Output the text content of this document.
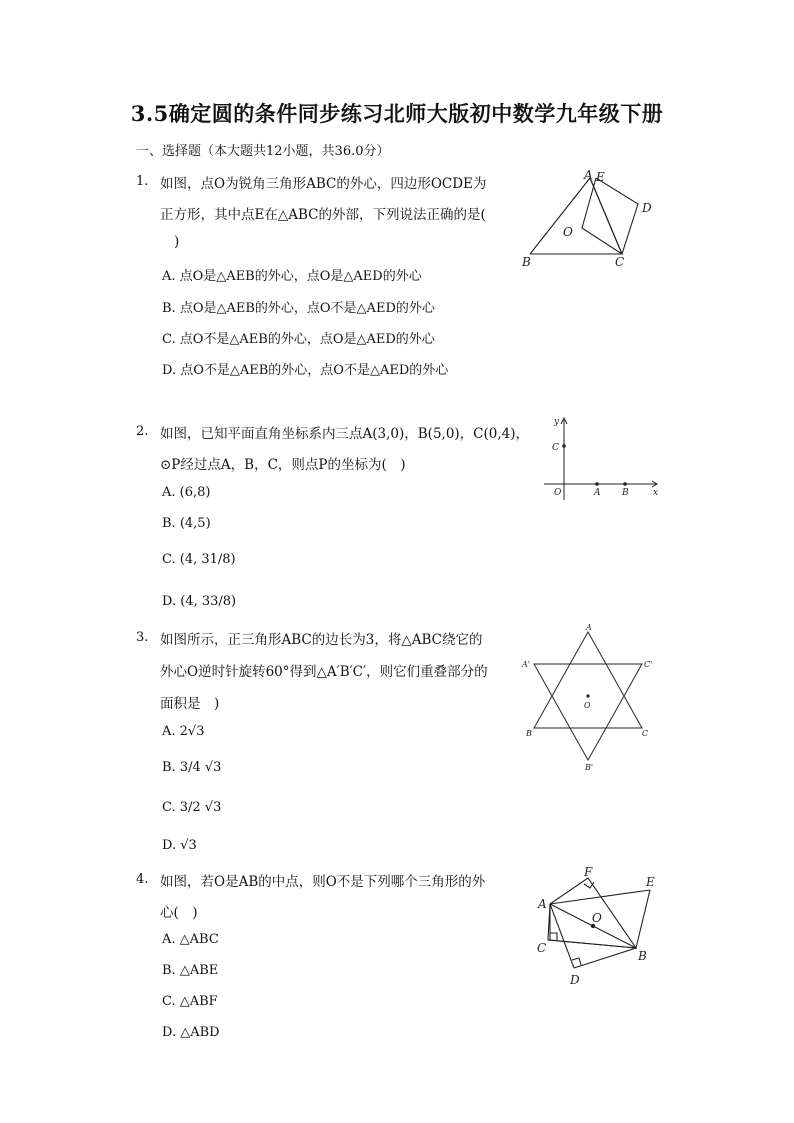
3.5确定圆的条件同步练习北师大版初中数学九年级下册
一、选择题（本大题共12小题，共36.0分）
1. 如图，点O为锐角三角形ABC的外心，四边形OCDE为
正方形，其中点E在△ABC的外部，下列说法正确的是(
)
A. 点O是△AEB的外心，点O是△AED的外心
B. 点O是△AEB的外心，点O不是△AED的外心
C. 点O不是△AEB的外心，点O是△AED的外心
D. 点O不是△AEB的外心，点O不是△AED的外心
A E
D
O
B	C
2. 如图，已知平面直角坐标系内三点A(3,0)，B(5,0)，C(0,4)，
⊙P经过点A，B，C，则点P的坐标为(　)
A. (6,8)
B. (4,5)
C. (4, 31/8)
D. (4, 33/8)
y
C
O	A B	x
3. 如图所示，正三角形ABC的边长为3，将△ABC绕它的
外心O逆时针旋转60°得到△A′B′C′，则它们重叠部分的
面积是　)
A. 2√3
B. 3/4 √3
C. 3/2 √3
D. √3
A
A'	C'
O
B	C
B'
4. 如图，若O是AB的中点，则O不是下列哪个三角形的外
心(　)
A. △ABC
B. △ABE
C. △ABF
D. △ABD
F
E
A
O
C
B
D
